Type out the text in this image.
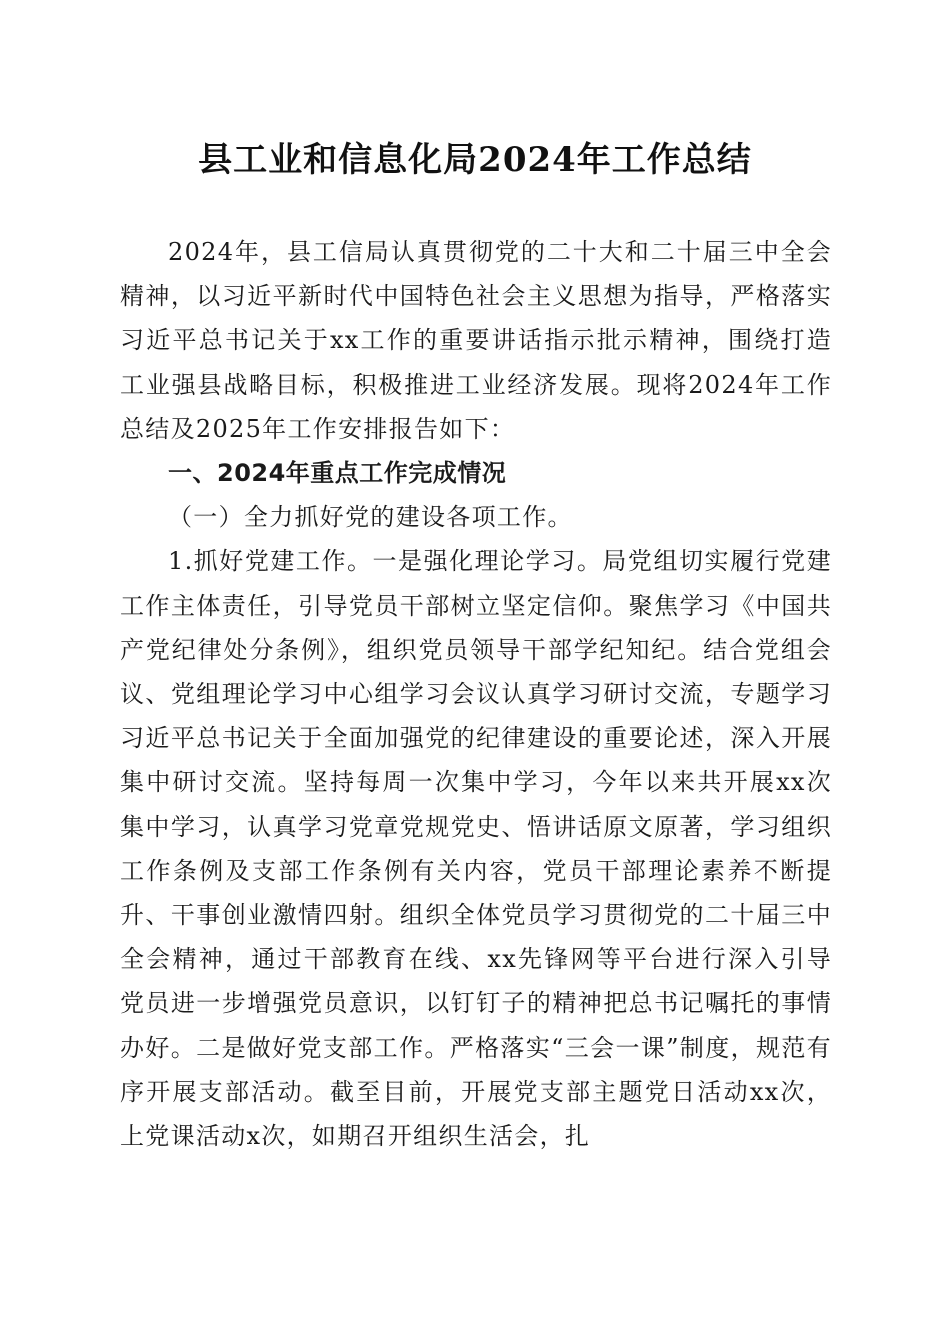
县工业和信息化局2024年工作总结

2024年，县工信局认真贯彻党的二十大和二十届三中全会精神，以习近平新时代中国特色社会主义思想为指导，严格落实习近平总书记关于xx工作的重要讲话指示批示精神，围绕打造工业强县战略目标，积极推进工业经济发展。现将2024年工作总结及2025年工作安排报告如下：

一、2024年重点工作完成情况

（一）全力抓好党的建设各项工作。

1.抓好党建工作。一是强化理论学习。局党组切实履行党建工作主体责任，引导党员干部树立坚定信仰。聚焦学习《中国共产党纪律处分条例》，组织党员领导干部学纪知纪。结合党组会议、党组理论学习中心组学习会议认真学习研讨交流，专题学习习近平总书记关于全面加强党的纪律建设的重要论述，深入开展集中研讨交流。坚持每周一次集中学习，今年以来共开展xx次集中学习，认真学习党章党规党史、悟讲话原文原著，学习组织工作条例及支部工作条例有关内容，党员干部理论素养不断提升、干事创业激情四射。组织全体党员学习贯彻党的二十届三中全会精神，通过干部教育在线、xx先锋网等平台进行深入引导党员进一步增强党员意识，以钉钉子的精神把总书记嘱托的事情办好。二是做好党支部工作。严格落实“三会一课”制度，规范有序开展支部活动。截至目前，开展党支部主题党日活动xx次，上党课活动x次，如期召开组织生活会，扎
